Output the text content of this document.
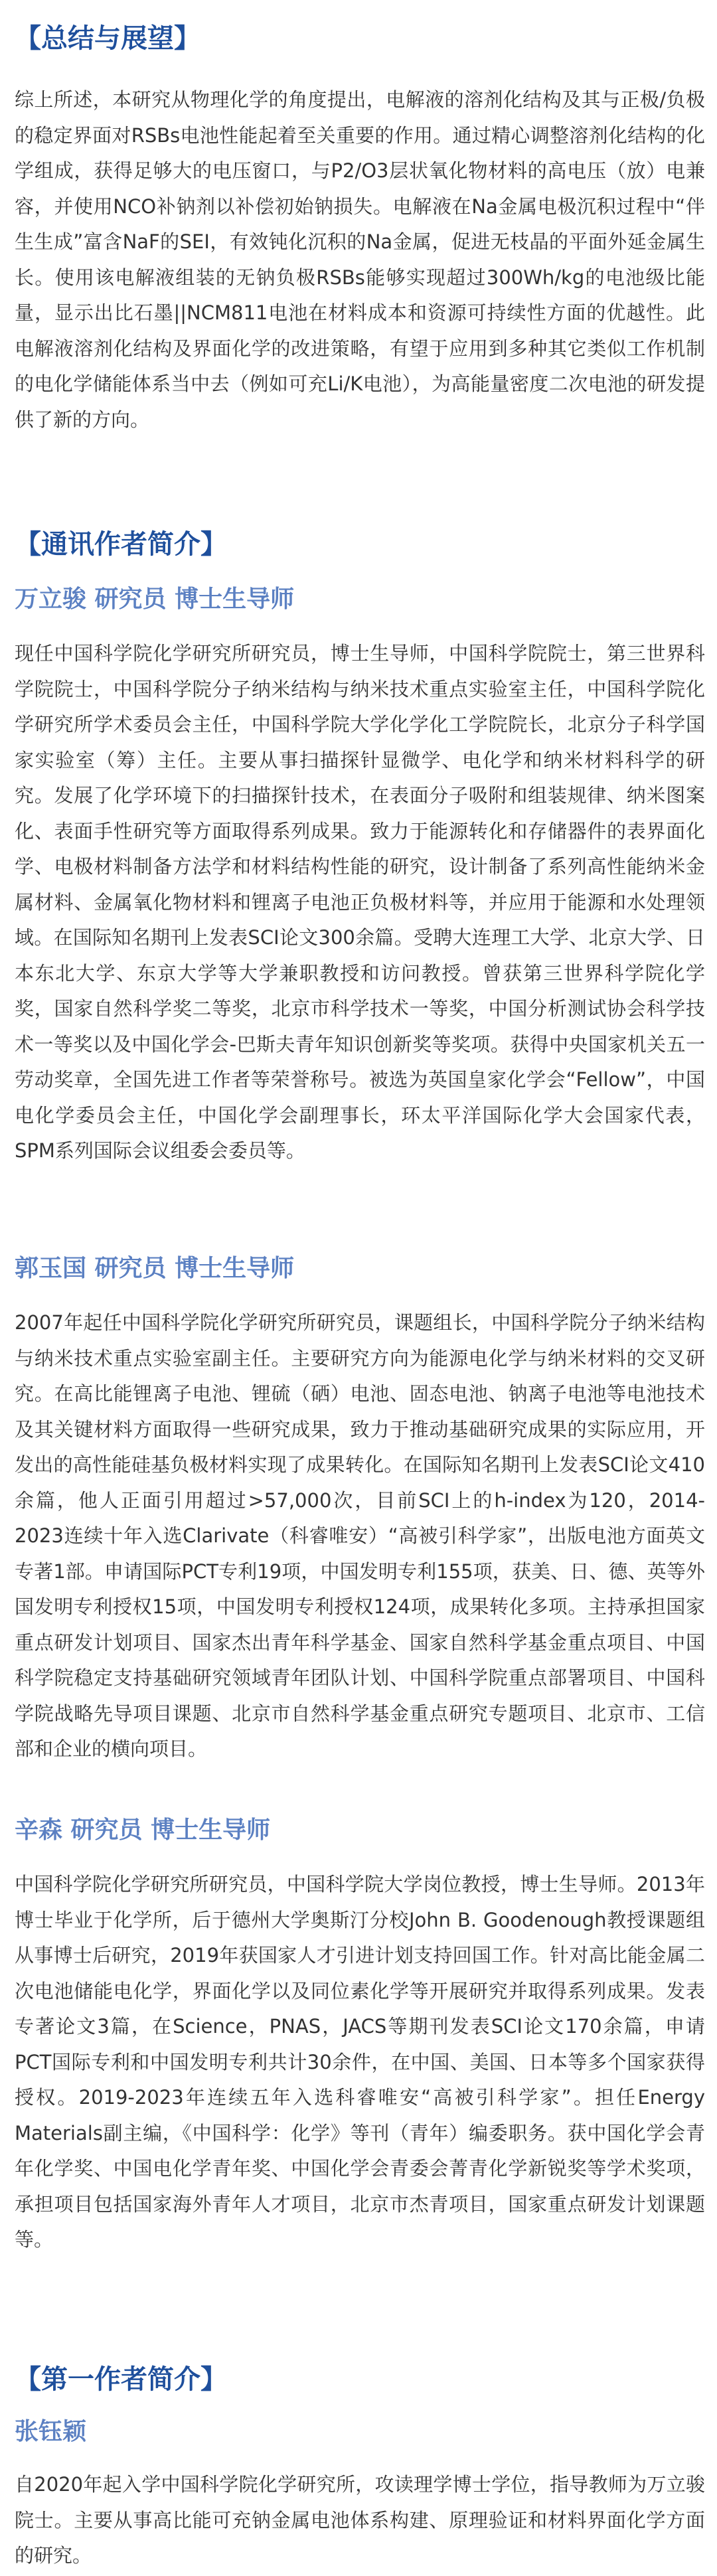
【总结与展望】
综上所述，本研究从物理化学的角度提出，电解液的溶剂化结构及其与正极/负极的稳定界面对RSBs电池性能起着至关重要的作用。通过精心调整溶剂化结构的化学组成，获得足够大的电压窗口，与P2/O3层状氧化物材料的高电压（放）电兼容，并使用NCO补钠剂以补偿初始钠损失。电解液在Na金属电极沉积过程中“伴生生成”富含NaF的SEI，有效钝化沉积的Na金属，促进无枝晶的平面外延金属生长。使用该电解液组装的无钠负极RSBs能够实现超过300Wh/kg的电池级比能量，显示出比石墨||NCM811电池在材料成本和资源可持续性方面的优越性。此电解液溶剂化结构及界面化学的改进策略，有望于应用到多种其它类似工作机制的电化学储能体系当中去（例如可充Li/K电池），为高能量密度二次电池的研发提供了新的方向。
【通讯作者简介】
万立骏 研究员 博士生导师
现任中国科学院化学研究所研究员，博士生导师，中国科学院院士，第三世界科学院院士，中国科学院分子纳米结构与纳米技术重点实验室主任，中国科学院化学研究所学术委员会主任，中国科学院大学化学化工学院院长，北京分子科学国家实验室（筹）主任。主要从事扫描探针显微学、电化学和纳米材料科学的研究。发展了化学环境下的扫描探针技术，在表面分子吸附和组装规律、纳米图案化、表面手性研究等方面取得系列成果。致力于能源转化和存储器件的表界面化学、电极材料制备方法学和材料结构性能的研究，设计制备了系列高性能纳米金属材料、金属氧化物材料和锂离子电池正负极材料等，并应用于能源和水处理领域。在国际知名期刊上发表SCI论文300余篇。受聘大连理工大学、北京大学、日本东北大学、东京大学等大学兼职教授和访问教授。曾获第三世界科学院化学奖，国家自然科学奖二等奖，北京市科学技术一等奖，中国分析测试协会科学技术一等奖以及中国化学会-巴斯夫青年知识创新奖等奖项。获得中央国家机关五一劳动奖章，全国先进工作者等荣誉称号。被选为英国皇家化学会“Fellow”，中国电化学委员会主任，中国化学会副理事长，环太平洋国际化学大会国家代表，SPM系列国际会议组委会委员等。
郭玉国 研究员 博士生导师
2007年起任中国科学院化学研究所研究员，课题组长，中国科学院分子纳米结构与纳米技术重点实验室副主任。主要研究方向为能源电化学与纳米材料的交叉研究。在高比能锂离子电池、锂硫（硒）电池、固态电池、钠离子电池等电池技术及其关键材料方面取得一些研究成果，致力于推动基础研究成果的实际应用，开发出的高性能硅基负极材料实现了成果转化。在国际知名期刊上发表SCI论文410余篇，他人正面引用超过>57,000次，目前SCI上的h-index为120，2014-2023连续十年入选Clarivate（科睿唯安）“高被引科学家”，出版电池方面英文专著1部。申请国际PCT专利19项，中国发明专利155项，获美、日、德、英等外国发明专利授权15项，中国发明专利授权124项，成果转化多项。主持承担国家重点研发计划项目、国家杰出青年科学基金、国家自然科学基金重点项目、中国科学院稳定支持基础研究领域青年团队计划、中国科学院重点部署项目、中国科学院战略先导项目课题、北京市自然科学基金重点研究专题项目、北京市、工信部和企业的横向项目。
辛森 研究员 博士生导师
中国科学院化学研究所研究员，中国科学院大学岗位教授，博士生导师。2013年博士毕业于化学所，后于德州大学奥斯汀分校John B. Goodenough教授课题组从事博士后研究，2019年获国家人才引进计划支持回国工作。针对高比能金属二次电池储能电化学，界面化学以及同位素化学等开展研究并取得系列成果。发表专著论文3篇，在Science，PNAS，JACS等期刊发表SCI论文170余篇，申请PCT国际专利和中国发明专利共计30余件，在中国、美国、日本等多个国家获得授权。2019-2023年连续五年入选科睿唯安“高被引科学家”。担任Energy Materials副主编，《中国科学：化学》等刊（青年）编委职务。获中国化学会青年化学奖、中国电化学青年奖、中国化学会青委会菁青化学新锐奖等学术奖项，承担项目包括国家海外青年人才项目，北京市杰青项目，国家重点研发计划课题等。
【第一作者简介】
张钰颖
自2020年起入学中国科学院化学研究所，攻读理学博士学位，指导教师为万立骏院士。主要从事高比能可充钠金属电池体系构建、原理验证和材料界面化学方面的研究。
